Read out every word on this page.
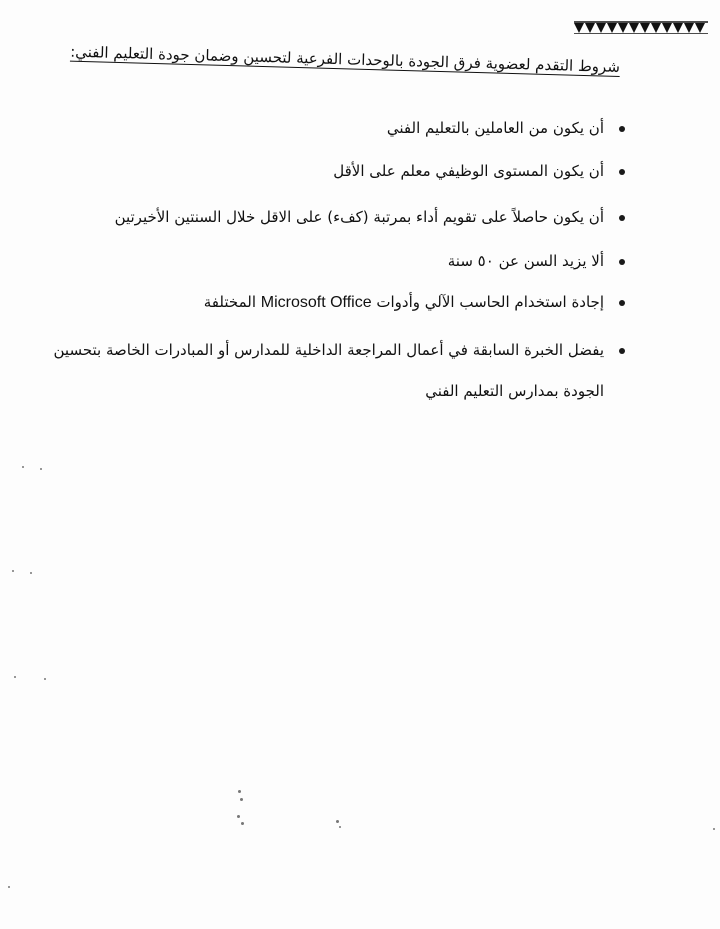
شروط التقدم لعضوية فرق الجودة بالوحدات الفرعية لتحسين وضمان جودة التعليم الفني:
أن يكون من العاملين بالتعليم الفني
أن يكون المستوى الوظيفي معلم على الأقل
أن يكون حاصلاً على تقويم أداء بمرتبة (كفء) على الاقل خلال السنتين الأخيرتين
ألا يزيد السن عن ٥٠ سنة
إجادة استخدام الحاسب الآلي وأدوات Microsoft Office المختلفة
يفضل الخبرة السابقة في أعمال المراجعة الداخلية للمدارس أو المبادرات الخاصة بتحسين
الجودة بمدارس التعليم الفني
